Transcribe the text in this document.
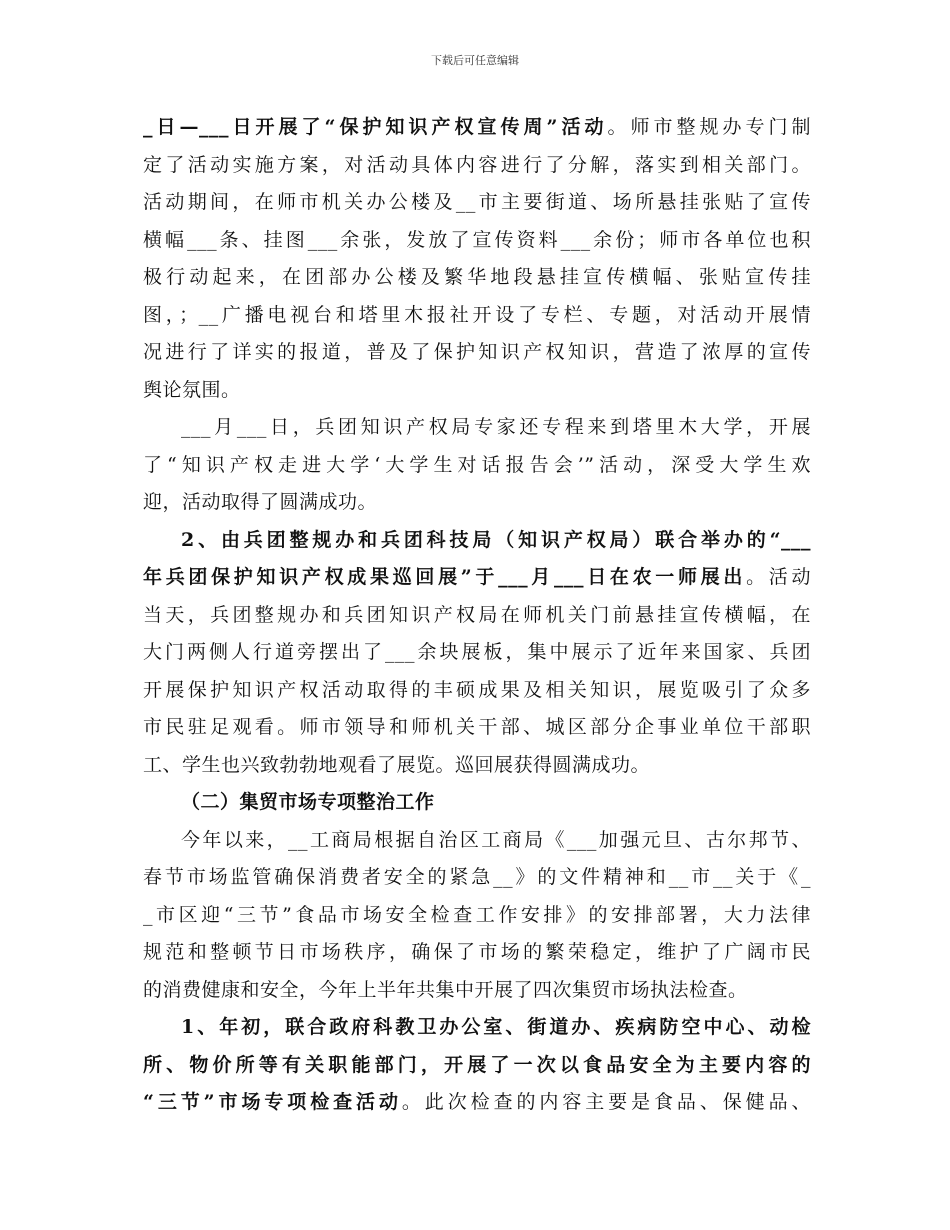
下载后可任意编辑
_日—___日开展了“保护知识产权宣传周”活动。师市整规办专门制
定了活动实施方案，对活动具体内容进行了分解，落实到相关部门。
活动期间，在师市机关办公楼及__市主要街道、场所悬挂张贴了宣传
横幅___条、挂图___余张，发放了宣传资料___余份；师市各单位也积
极行动起来，在团部办公楼及繁华地段悬挂宣传横幅、张贴宣传挂
图，；__广播电视台和塔里木报社开设了专栏、专题，对活动开展情
况进行了详实的报道，普及了保护知识产权知识，营造了浓厚的宣传
舆论氛围。
___月___日，兵团知识产权局专家还专程来到塔里木大学，开展
了“知识产权走进大学‘大学生对话报告会’”活动，深受大学生欢
迎，活动取得了圆满成功。
2、由兵团整规办和兵团科技局（知识产权局）联合举办的“___
年兵团保护知识产权成果巡回展”于___月___日在农一师展出。活动
当天，兵团整规办和兵团知识产权局在师机关门前悬挂宣传横幅，在
大门两侧人行道旁摆出了___余块展板，集中展示了近年来国家、兵团
开展保护知识产权活动取得的丰硕成果及相关知识，展览吸引了众多
市民驻足观看。师市领导和师机关干部、城区部分企事业单位干部职
工、学生也兴致勃勃地观看了展览。巡回展获得圆满成功。
（二）集贸市场专项整治工作
今年以来，__工商局根据自治区工商局《___加强元旦、古尔邦节、
春节市场监管确保消费者安全的紧急__》的文件精神和__市__关于《_
_市区迎“三节”食品市场安全检查工作安排》的安排部署，大力法律
规范和整顿节日市场秩序，确保了市场的繁荣稳定，维护了广阔市民
的消费健康和安全，今年上半年共集中开展了四次集贸市场执法检查。
1、年初，联合政府科教卫办公室、街道办、疾病防空中心、动检
所、物价所等有关职能部门，开展了一次以食品安全为主要内容的
“三节”市场专项检查活动。此次检查的内容主要是食品、保健品、
